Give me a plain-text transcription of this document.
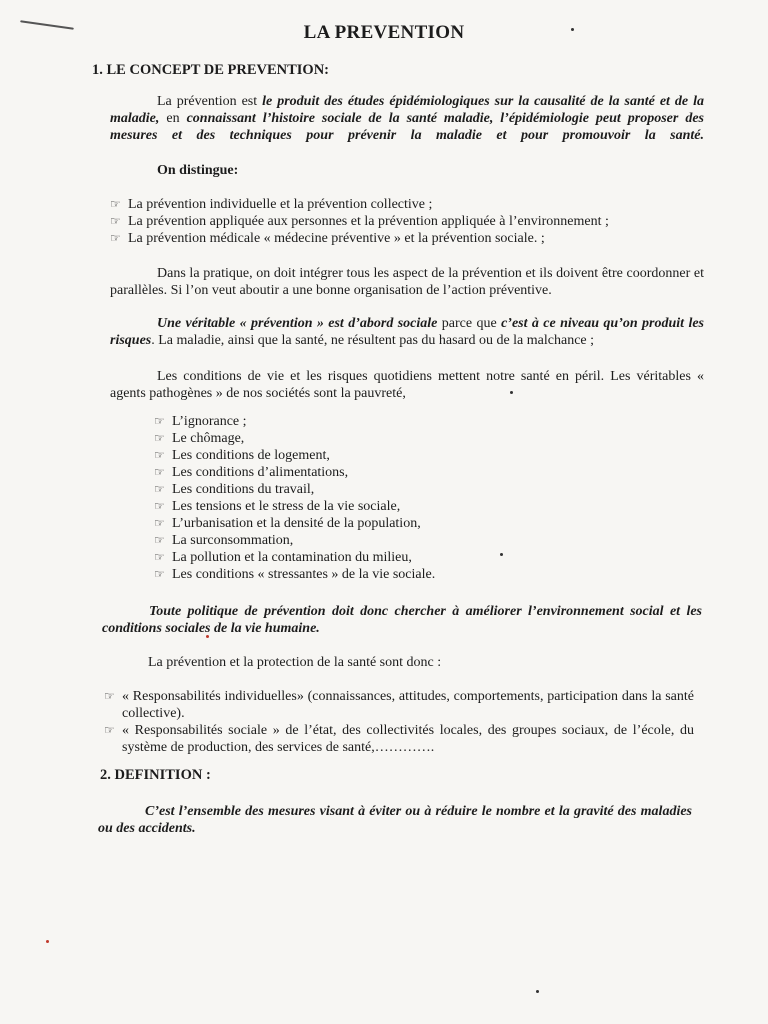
LA PREVENTION
1. LE CONCEPT DE PREVENTION:
La prévention est le produit des études épidémiologiques sur la causalité de la santé et de la maladie, en connaissant l’histoire sociale de la santé maladie, l’épidémiologie peut proposer des mesures et des techniques pour prévenir la maladie et pour promouvoir la santé.
On distingue:
☞ La prévention individuelle et la prévention collective ;
☞ La prévention appliquée aux personnes et la prévention appliquée à l’environnement ;
☞ La prévention médicale « médecine préventive » et la prévention sociale. ;
Dans la pratique, on doit intégrer tous les aspect de la prévention et ils doivent être coordonner et parallèles. Si l’on veut aboutir a une bonne organisation de l’action préventive.
Une véritable « prévention » est d’abord sociale parce que c’est à ce niveau qu’on produit les risques. La maladie, ainsi que la santé, ne résultent pas du hasard ou de la malchance ;
Les conditions de vie et les risques quotidiens mettent notre santé en péril. Les véritables « agents pathogènes » de nos sociétés sont la pauvreté,
☞ L’ignorance ;
☞ Le chômage,
☞ Les conditions de logement,
☞ Les conditions d’alimentations,
☞ Les conditions du travail,
☞ Les tensions et le stress de la vie sociale,
☞ L’urbanisation et la densité de la population,
☞ La surconsommation,
☞ La pollution et la contamination du milieu,
☞ Les conditions « stressantes » de la vie sociale.
Toute politique de prévention doit donc chercher à améliorer l’environnement social et les conditions sociales de la vie humaine.
La prévention et la protection de la santé sont donc :
☞ « Responsabilités individuelles» (connaissances, attitudes, comportements, participation dans la santé collective).
☞ « Responsabilités sociale » de l’état, des collectivités locales, des groupes sociaux, de l’école, du système de production, des services de santé,………….
2. DEFINITION :
C’est l’ensemble des mesures visant à éviter ou à réduire le nombre et la gravité des maladies ou des accidents.
